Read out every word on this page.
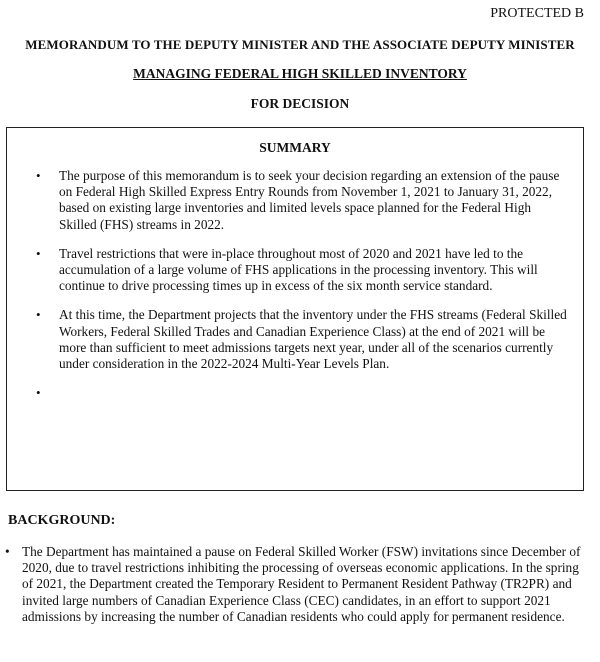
PROTECTED B
MEMORANDUM TO THE DEPUTY MINISTER AND THE ASSOCIATE DEPUTY MINISTER
MANAGING FEDERAL HIGH SKILLED INVENTORY
FOR DECISION
SUMMARY
• The purpose of this memorandum is to seek your decision regarding an extension of the pause on Federal High Skilled Express Entry Rounds from November 1, 2021 to January 31, 2022, based on existing large inventories and limited levels space planned for the Federal High Skilled (FHS) streams in 2022.
• Travel restrictions that were in-place throughout most of 2020 and 2021 have led to the accumulation of a large volume of FHS applications in the processing inventory. This will continue to drive processing times up in excess of the six month service standard.
• At this time, the Department projects that the inventory under the FHS streams (Federal Skilled Workers, Federal Skilled Trades and Canadian Experience Class) at the end of 2021 will be more than sufficient to meet admissions targets next year, under all of the scenarios currently under consideration in the 2022-2024 Multi-Year Levels Plan.
•
BACKGROUND:

• The Department has maintained a pause on Federal Skilled Worker (FSW) invitations since December of 2020, due to travel restrictions inhibiting the processing of overseas economic applications. In the spring of 2021, the Department created the Temporary Resident to Permanent Resident Pathway (TR2PR) and invited large numbers of Canadian Experience Class (CEC) candidates, in an effort to support 2021 admissions by increasing the number of Canadian residents who could apply for permanent residence.
